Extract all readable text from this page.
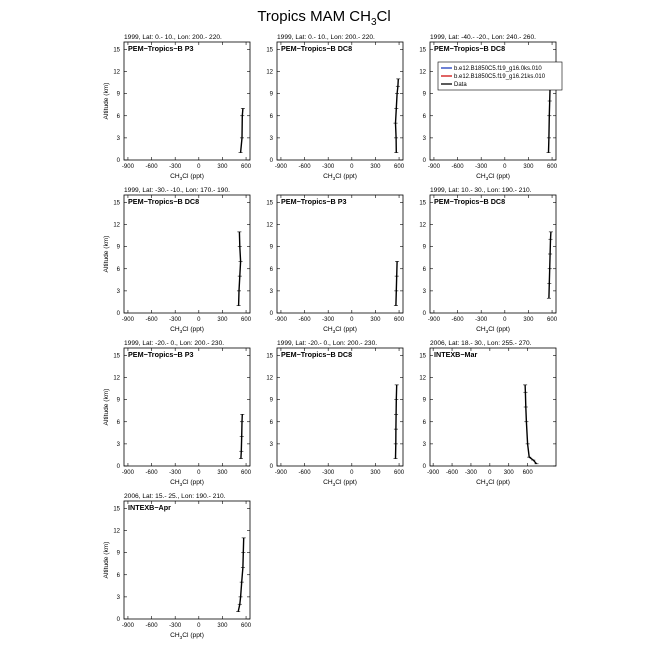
Tropics MAM $CH_3Cl$
1999, Lat: 0.- 10., Lon: 200.- 220.
PEM−Tropics−B P3
-900 -600 -300	0	300 600
0
3
6
9
12
15
$CH_3Cl$ (ppt)
Altitude (km)
1999, Lat: 0.- 10., Lon: 200.- 220.
PEM−Tropics−B DC8
-900 -600 -300	0	300 600
0
3
6
9
12
15
$CH_3Cl$ (ppt)
1999, Lat: -40.- -20., Lon: 240.- 260.
PEM−Tropics−B DC8
-900 -600 -300	0	300 600
0
3
6
9
12
15
$CH_3Cl$ (ppt)
b.e12.B1850C5.f19_g16.0ks.010
b.e12.B1850C5.f19_g16.21ks.010
Data
1999, Lat: -30.- -10., Lon: 170.- 190.
PEM−Tropics−B DC8
-900 -600 -300	0	300 600
0
3
6
9
12
15
$CH_3Cl$ (ppt)
Altitude (km)
PEM−Tropics−B P3
-900 -600 -300	0	300 600
0
3
6
9
12
15
$CH_3Cl$ (ppt)
1999, Lat: 10.- 30., Lon: 190.- 210.
PEM−Tropics−B DC8
-900 -600 -300	0	300 600
0
3
6
9
12
15
$CH_3Cl$ (ppt)
1999, Lat: -20.- 0., Lon: 200.- 230.
PEM−Tropics−B P3
-900 -600 -300	0	300 600
0
3
6
9
12
15
$CH_3Cl$ (ppt)
Altitude (km)
1999, Lat: -20.- 0., Lon: 200.- 230.
PEM−Tropics−B DC8
-900 -600 -300	0	300 600
0
3
6
9
12
15
$CH_3Cl$ (ppt)
2006, Lat: 18.- 30., Lon: 255.- 270.
INTEXB−Mar
-900 -600 -300 0 300 600
0
3
6
9
12
15
$CH_3Cl$ (ppt)
2006, Lat: 15.- 25., Lon: 190.- 210.
INTEXB−Apr
-900 -600 -300	0	300 600
0
3
6
9
12
15
$CH_3Cl$ (ppt)
Altitude (km)
